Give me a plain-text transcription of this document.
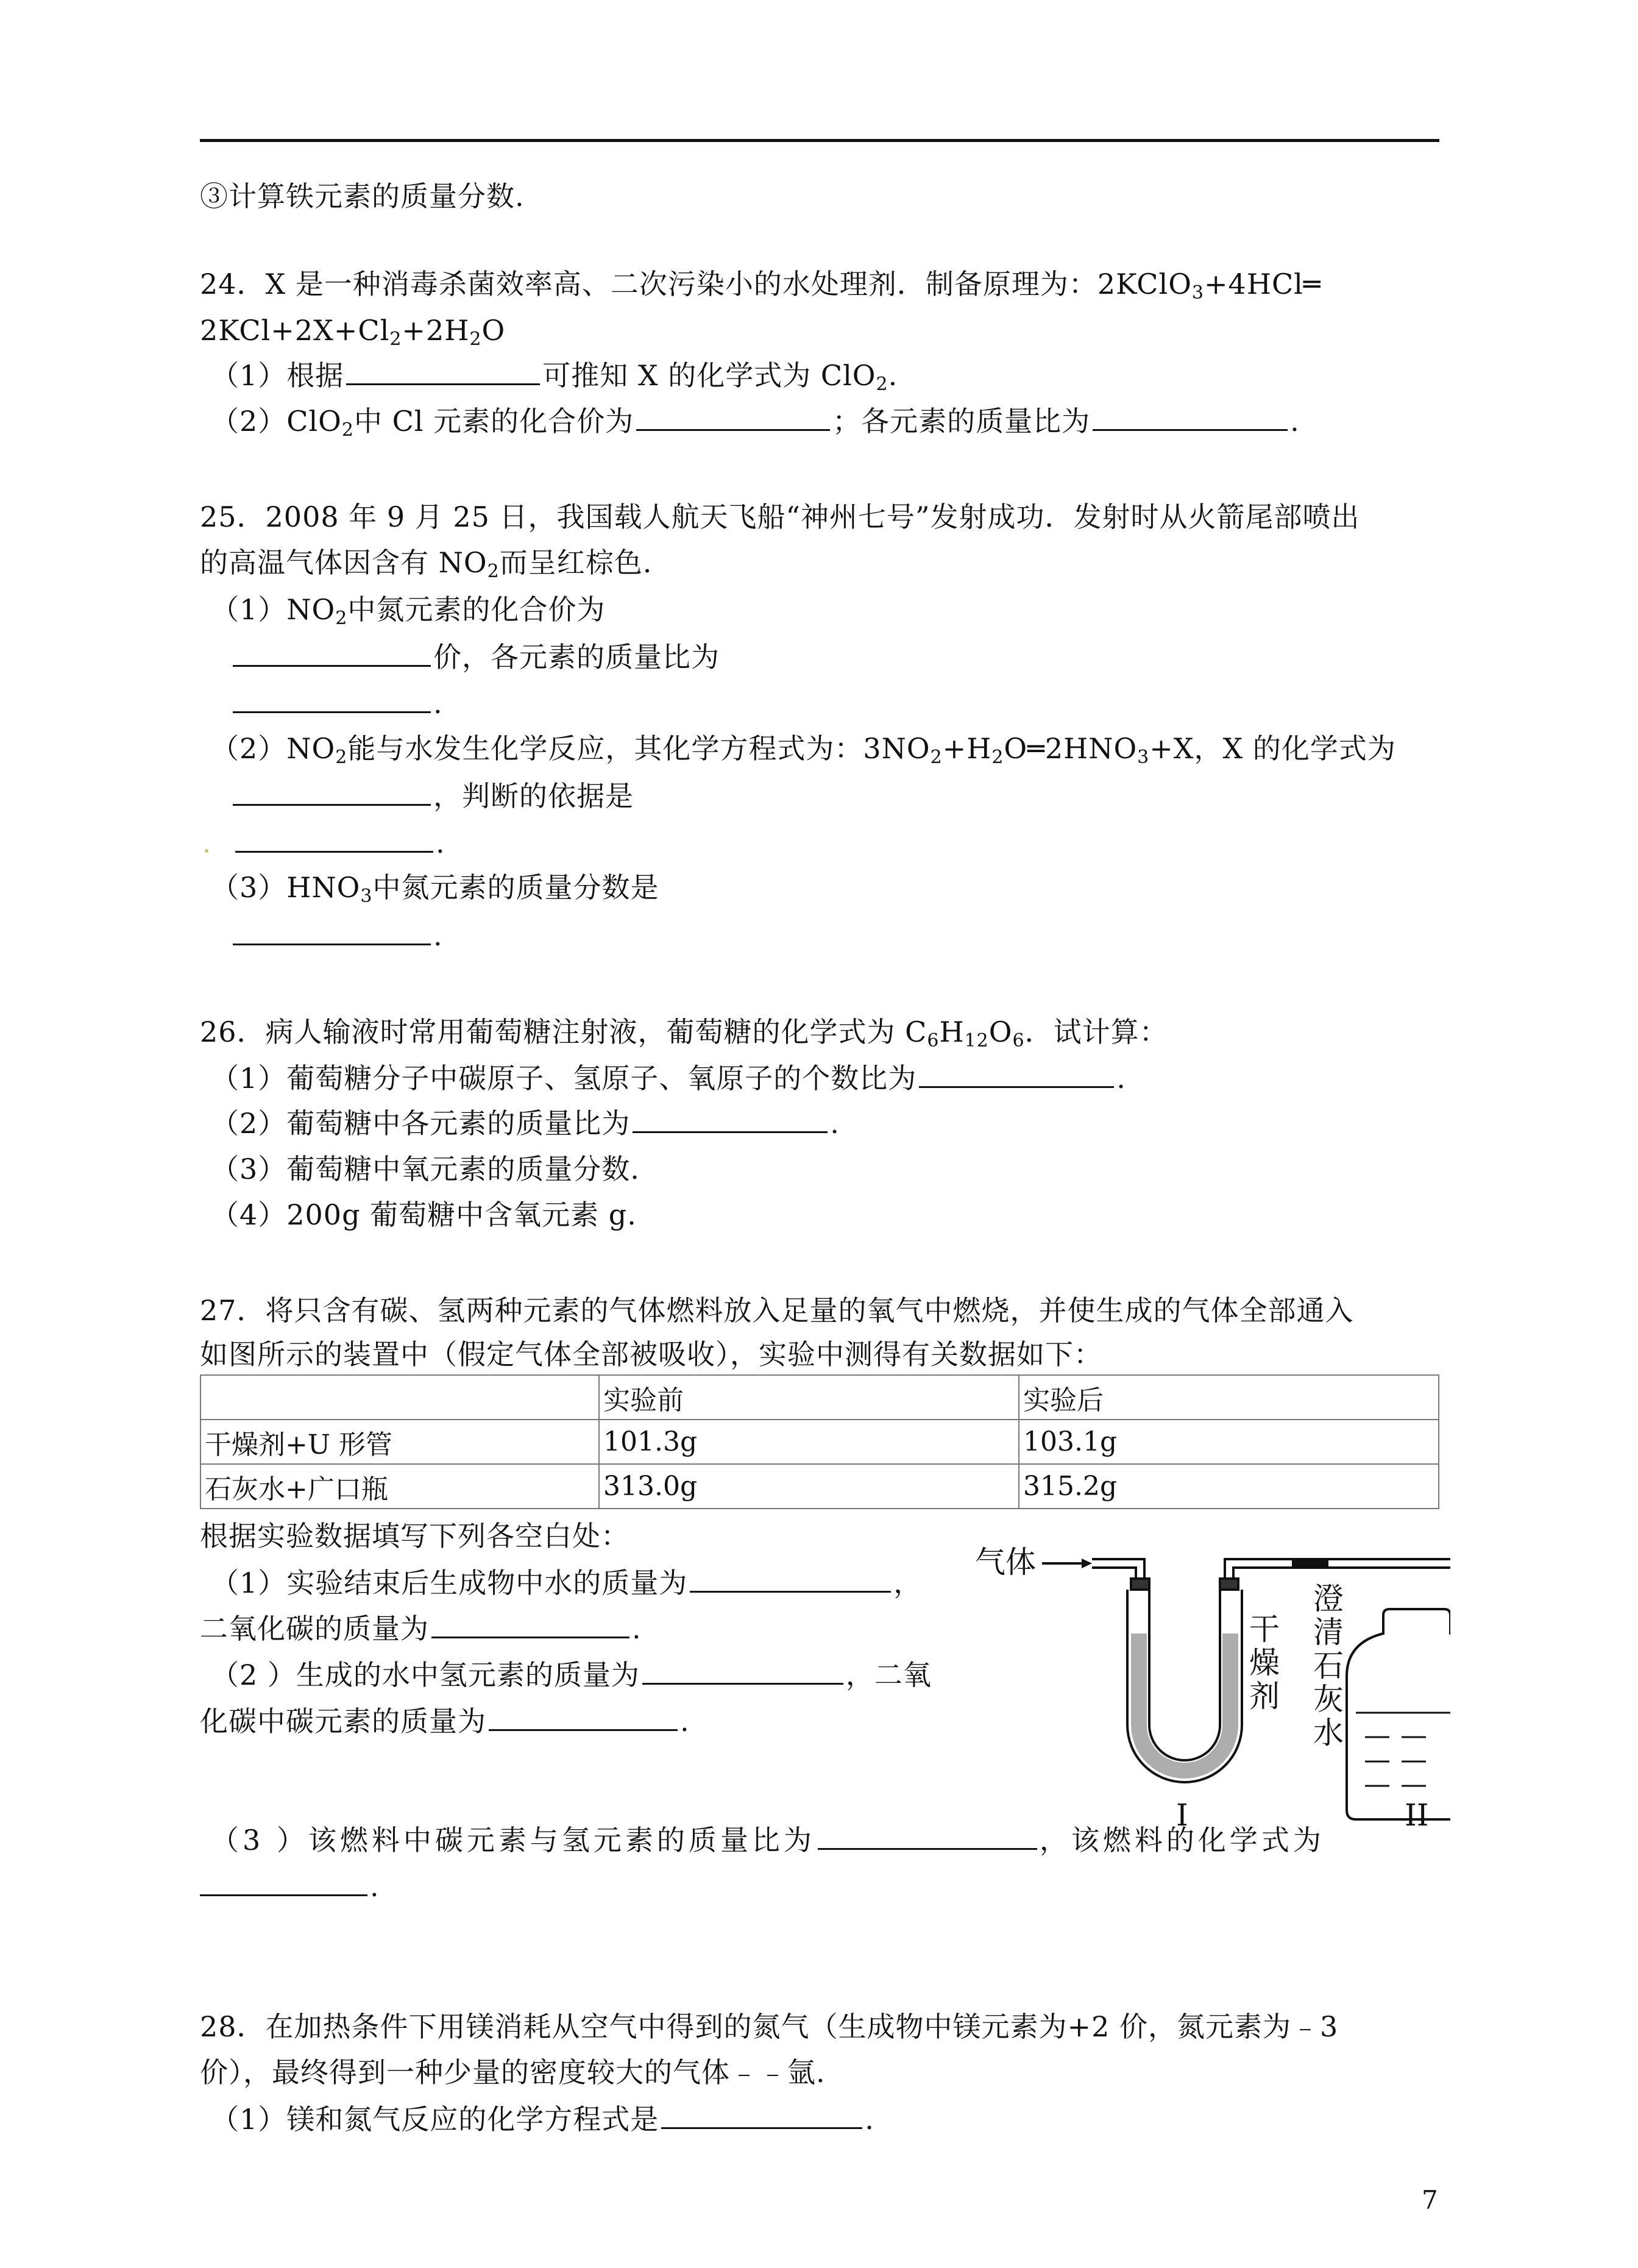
③计算铁元素的质量分数.
24．X 是一种消毒杀菌效率高、二次污染小的水处理剂．制备原理为：2KClO$_3$+4HCl═
$2KCl+2X+Cl_2+2H_2O$
（1）根据	可推知 X 的化学式为 ClO$_2$.
（2）ClO$_2$中 Cl 元素的化合价为	；各元素的质量比为	.
25．2008 年 9 月 25 日，我国载人航天飞船“神州七号”发射成功．发射时从火箭尾部喷出
的高温气体因含有 $NO_2$而呈红棕色.
$(1)NO_2$中氮元素的化合价为
价，各元素的质量比为
.
$(2)NO_2$能与水发生化学反应，其化学方程式为：$3NO_2+H_2O═2HNO_3+X$，X 的化学式为
，判断的依据是
.
$(3)HNO_3$中氮元素的质量分数是
.
26．病人输液时常用葡萄糖注射液，葡萄糖的化学式为 $C_6H_{12}O_6$．试计算：
（1）葡萄糖分子中碳原子、氢原子、氧原子的个数比为	.
（2）葡萄糖中各元素的质量比为	.
（3）葡萄糖中氧元素的质量分数.
（4）200g 葡萄糖中含氧元素 g.
27．将只含有碳、氢两种元素的气体燃料放入足量的氧气中燃烧，并使生成的气体全部通入
如图所示的装置中（假定气体全部被吸收），实验中测得有关数据如下：
	实验前	实验后
干燥剂+U 形管	101.3g	103.1g
石灰水+广口瓶	313.0g	315.2g
根据实验数据填写下列各空白处：
（1）实验结束后生成物中水的质量为	，
二氧化碳的质量为	.
（2 ）生成的水中氢元素的质量为	，二氧
化碳中碳元素的质量为	.
气体
干
燥
剂
澄
清
石
灰
水
I	II
（3 ）该燃料中碳元素与氢元素的质量比为	，该燃料的化学式为
.
28．在加热条件下用镁消耗从空气中得到的氮气（生成物中镁元素为+2 价，氮元素为﹣3
价），最终得到一种少量的密度较大的气体﹣﹣氩.
（1）镁和氮气反应的化学方程式是	.
7
